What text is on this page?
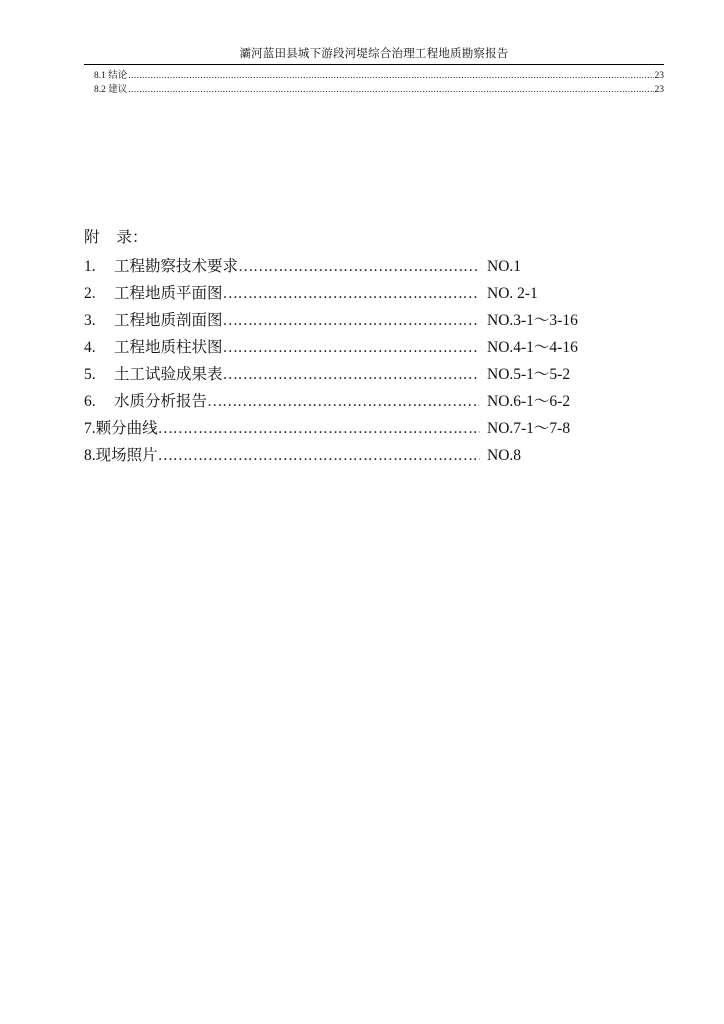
灞河蓝田县城下游段河堤综合治理工程地质勘察报告
8.1 结论 .....	23
8.2 建议 .....	23
附 录：
1. 工程勘察技术要求 …………………………………………………………………………………………………	NO.1
2. 工程地质平面图 …………………………………………………………………………………………………	NO. 2-1
3. 工程地质剖面图 …………………………………………………………………………………………………	NO.3-1～3-16
4. 工程地质柱状图 …………………………………………………………………………………………………	NO.4-1～4-16
5. 土工试验成果表 …………………………………………………………………………………………………	NO.5-1～5-2
6. 水质分析报告 …………………………………………………………………………………………………	NO.6-1～6-2
7.颗分曲线 …………………………………………………………………………………………………	NO.7-1～7-8
8.现场照片 …………………………………………………………………………………………………	NO.8
